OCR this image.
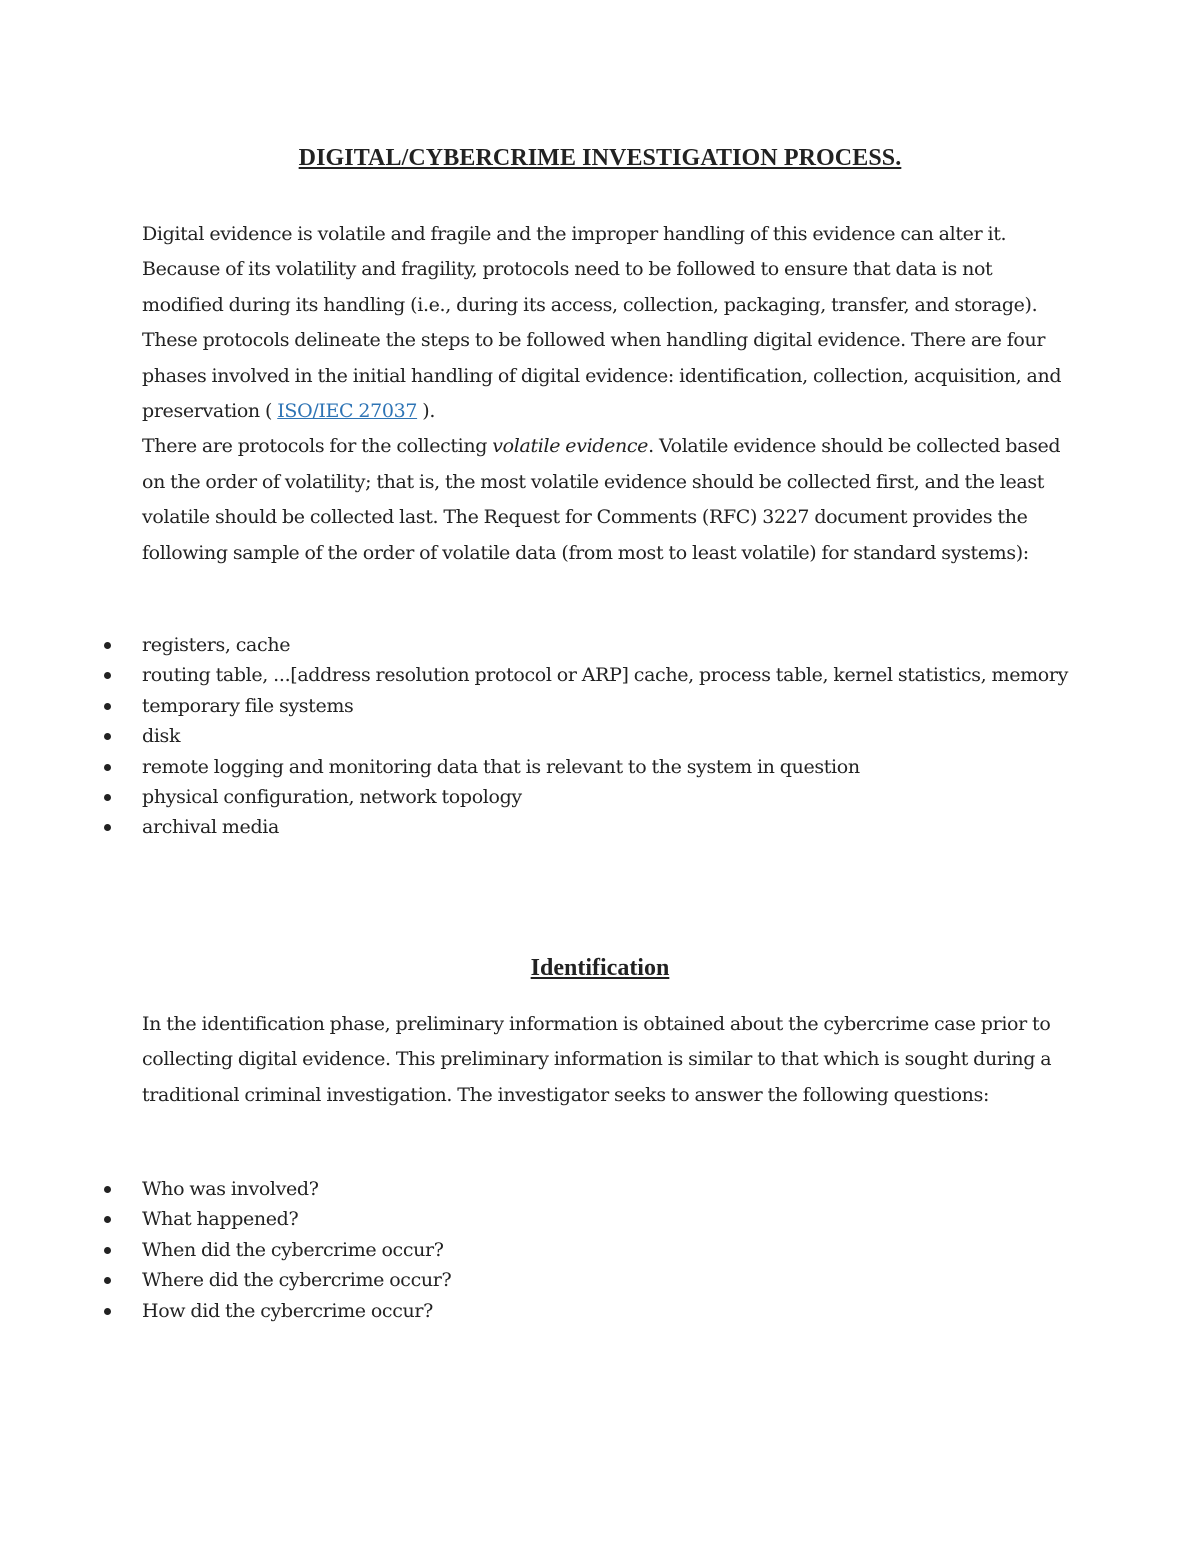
DIGITAL/CYBERCRIME INVESTIGATION PROCESS.

Digital evidence is volatile and fragile and the improper handling of this evidence can alter it. Because of its volatility and fragility, protocols need to be followed to ensure that data is not modified during its handling (i.e., during its access, collection, packaging, transfer, and storage). These protocols delineate the steps to be followed when handling digital evidence. There are four phases involved in the initial handling of digital evidence: identification, collection, acquisition, and preservation ( ISO/IEC 27037 ).
There are protocols for the collecting volatile evidence. Volatile evidence should be collected based on the order of volatility; that is, the most volatile evidence should be collected first, and the least volatile should be collected last. The Request for Comments (RFC) 3227 document provides the following sample of the order of volatile data (from most to least volatile) for standard systems):

registers, cache
routing table, ...[address resolution protocol or ARP] cache, process table, kernel statistics, memory
temporary file systems
disk
remote logging and monitoring data that is relevant to the system in question
physical configuration, network topology
archival media
Identification

In the identification phase, preliminary information is obtained about the cybercrime case prior to collecting digital evidence. This preliminary information is similar to that which is sought during a traditional criminal investigation. The investigator seeks to answer the following questions:

Who was involved?
What happened?
When did the cybercrime occur?
Where did the cybercrime occur?
How did the cybercrime occur?
